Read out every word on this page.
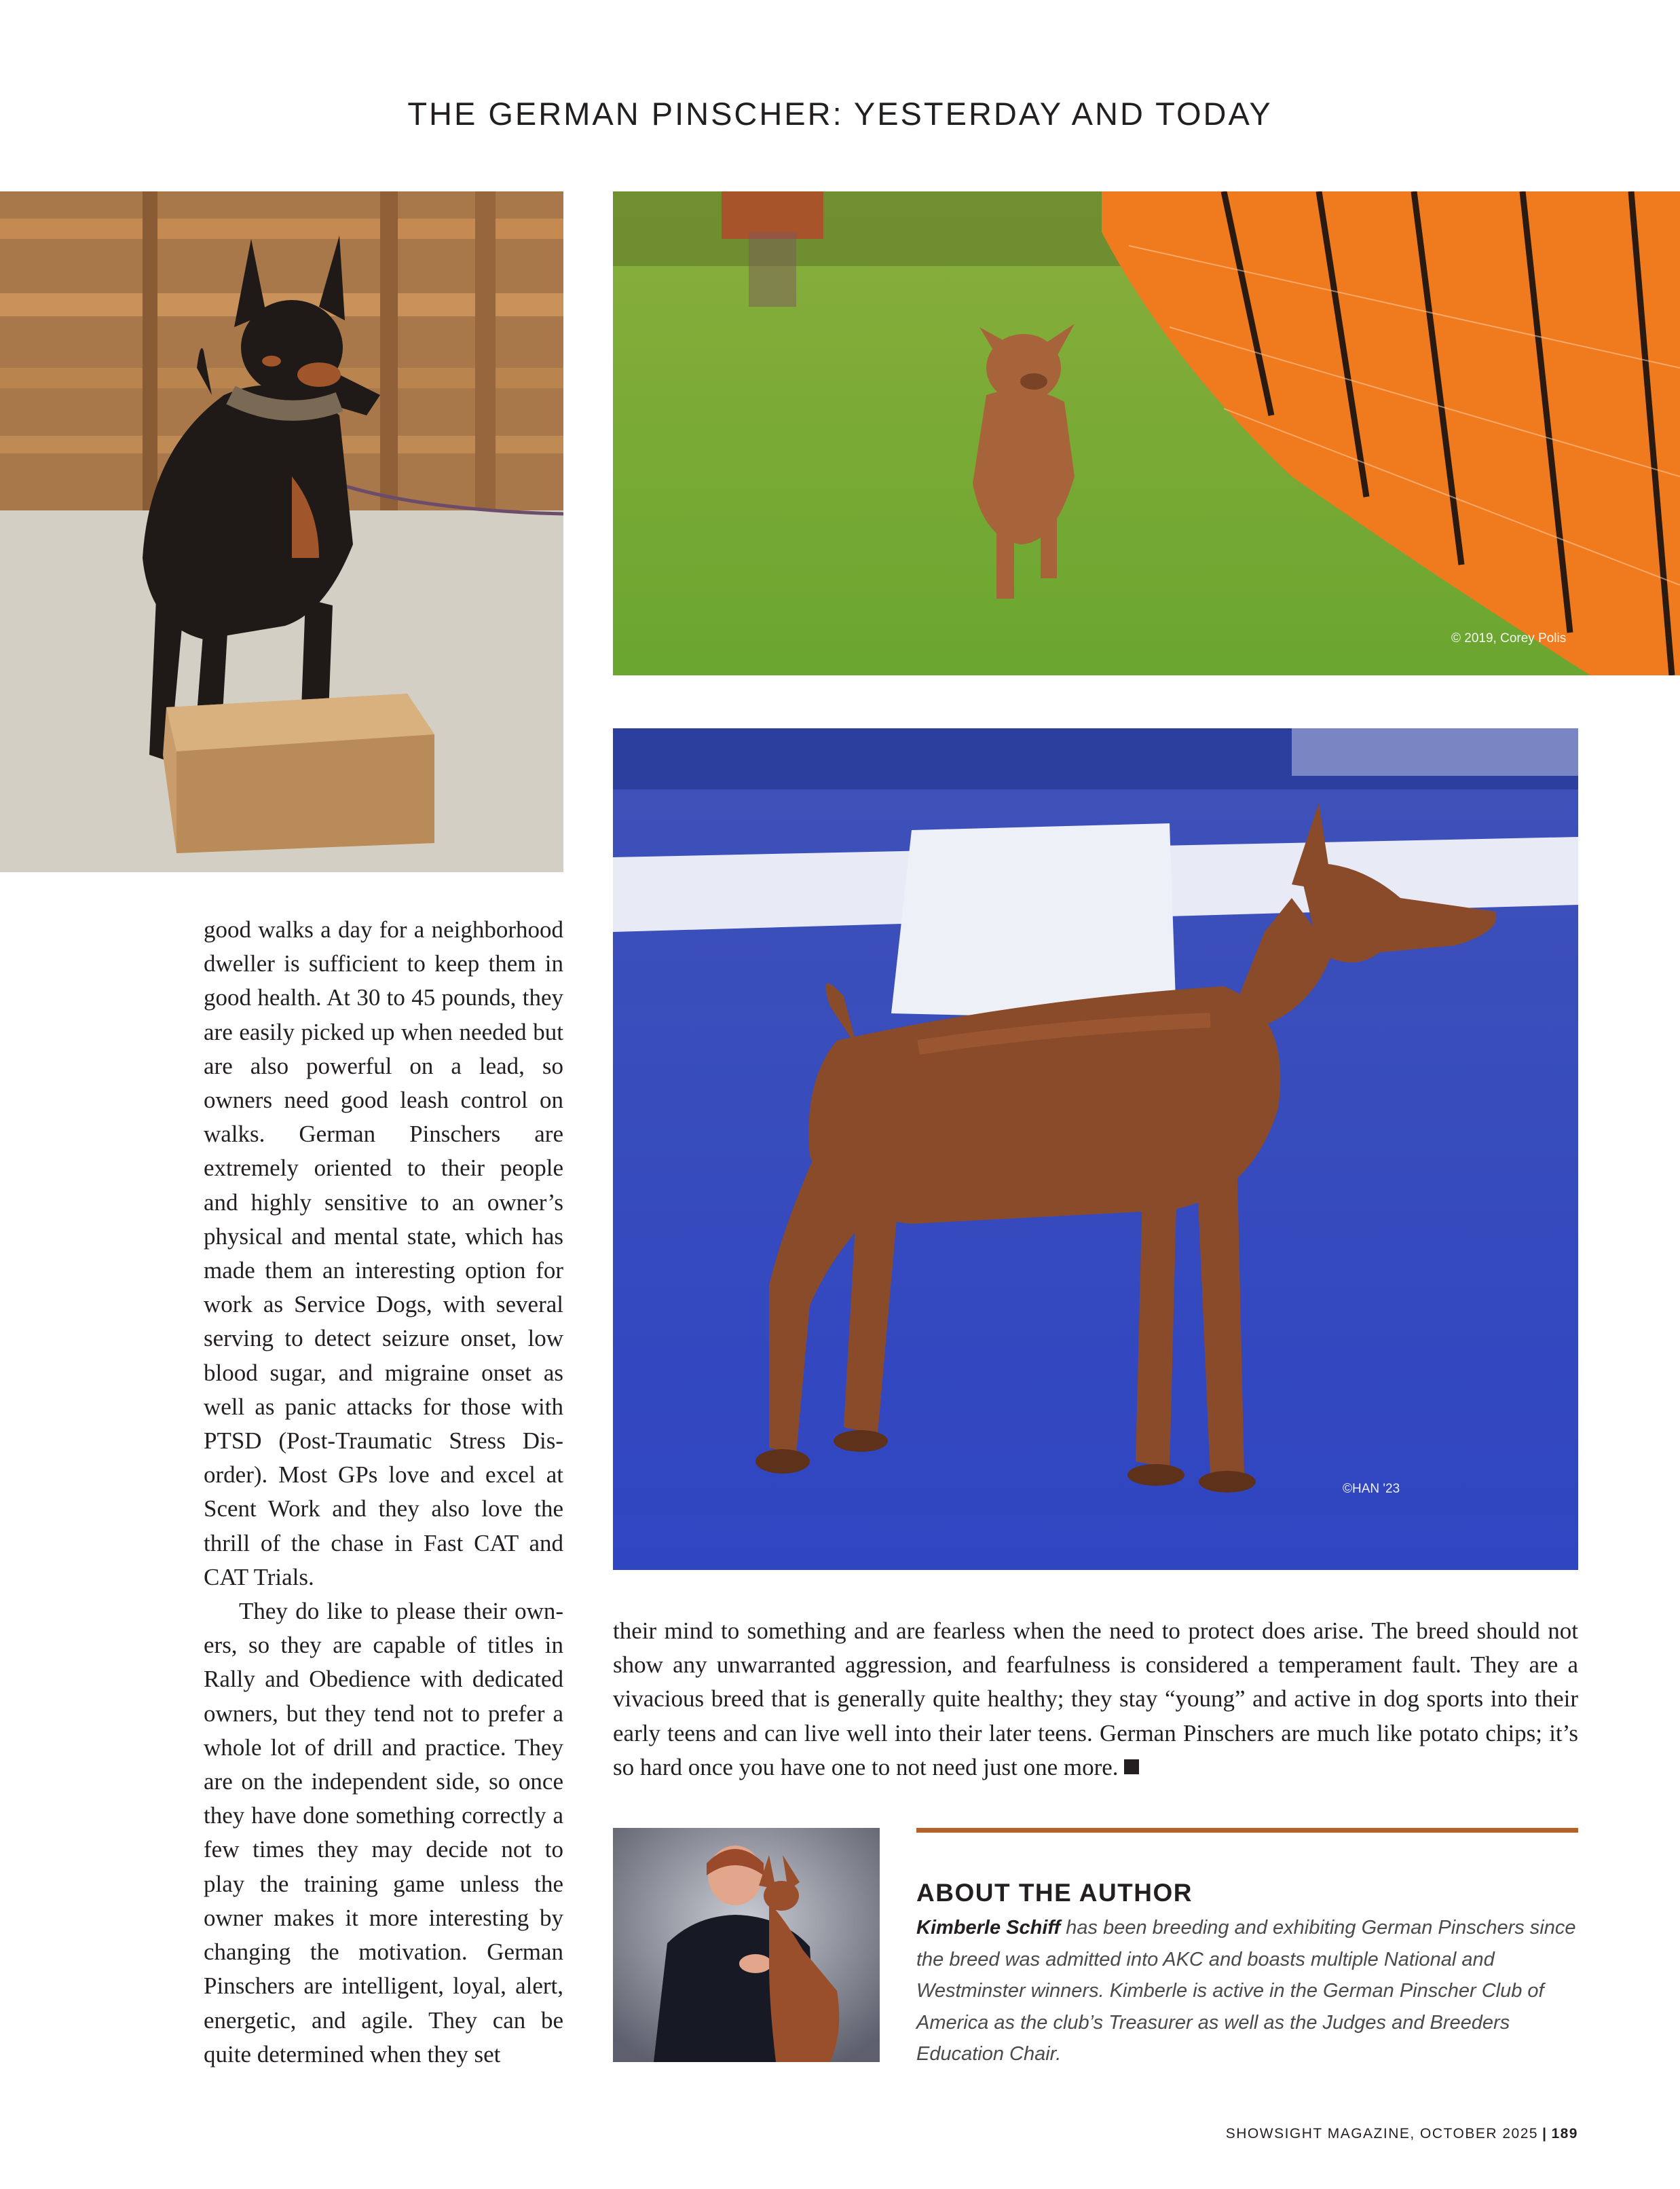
THE GERMAN PINSCHER: YESTERDAY AND TODAY
© 2019, Corey Polis
©HAN '23

good walks a day for a neighborhood dweller is sufficient to keep them in good health. At 30 to 45 pounds, they are easily picked up when needed but are also powerful on a lead, so owners need good leash control on walks. German Pinschers are extremely oriented to their people and highly sensitive to an owner’s physical and mental state, which has made them an interesting option for work as Service Dogs, with several serving to detect seizure onset, low blood sugar, and migraine onset as well as panic attacks for those with PTSD (Post-Traumatic Stress Disorder). Most GPs love and excel at Scent Work and they also love the thrill of the chase in Fast CAT and CAT Trials.

They do like to please their owners, so they are capable of titles in Rally and Obedience with dedicated owners, but they tend not to prefer a whole lot of drill and practice. They are on the independent side, so once they have done something correctly a few times they may decide not to play the training game unless the owner makes it more interesting by changing the motivation. German Pinschers are intelligent, loyal, alert, energetic, and agile. They can be quite determined when they set

their mind to something and are fearless when the need to protect does arise. The breed should not show any unwarranted aggression, and fearfulness is considered a temperament fault. They are a vivacious breed that is generally quite healthy; they stay “young” and active in dog sports into their early teens and can live well into their later teens. German Pinschers are much like potato chips; it’s so hard once you have one to not need just one more.

ABOUT THE AUTHOR
Kimberle Schiff has been breeding and exhibiting German Pinschers since the breed was admitted into AKC and boasts multiple National and Westminster winners. Kimberle is active in the German Pinscher Club of America as the club’s Treasurer as well as the Judges and Breeders Education Chair.
SHOWSIGHT MAGAZINE, OCTOBER 2025 | 189
